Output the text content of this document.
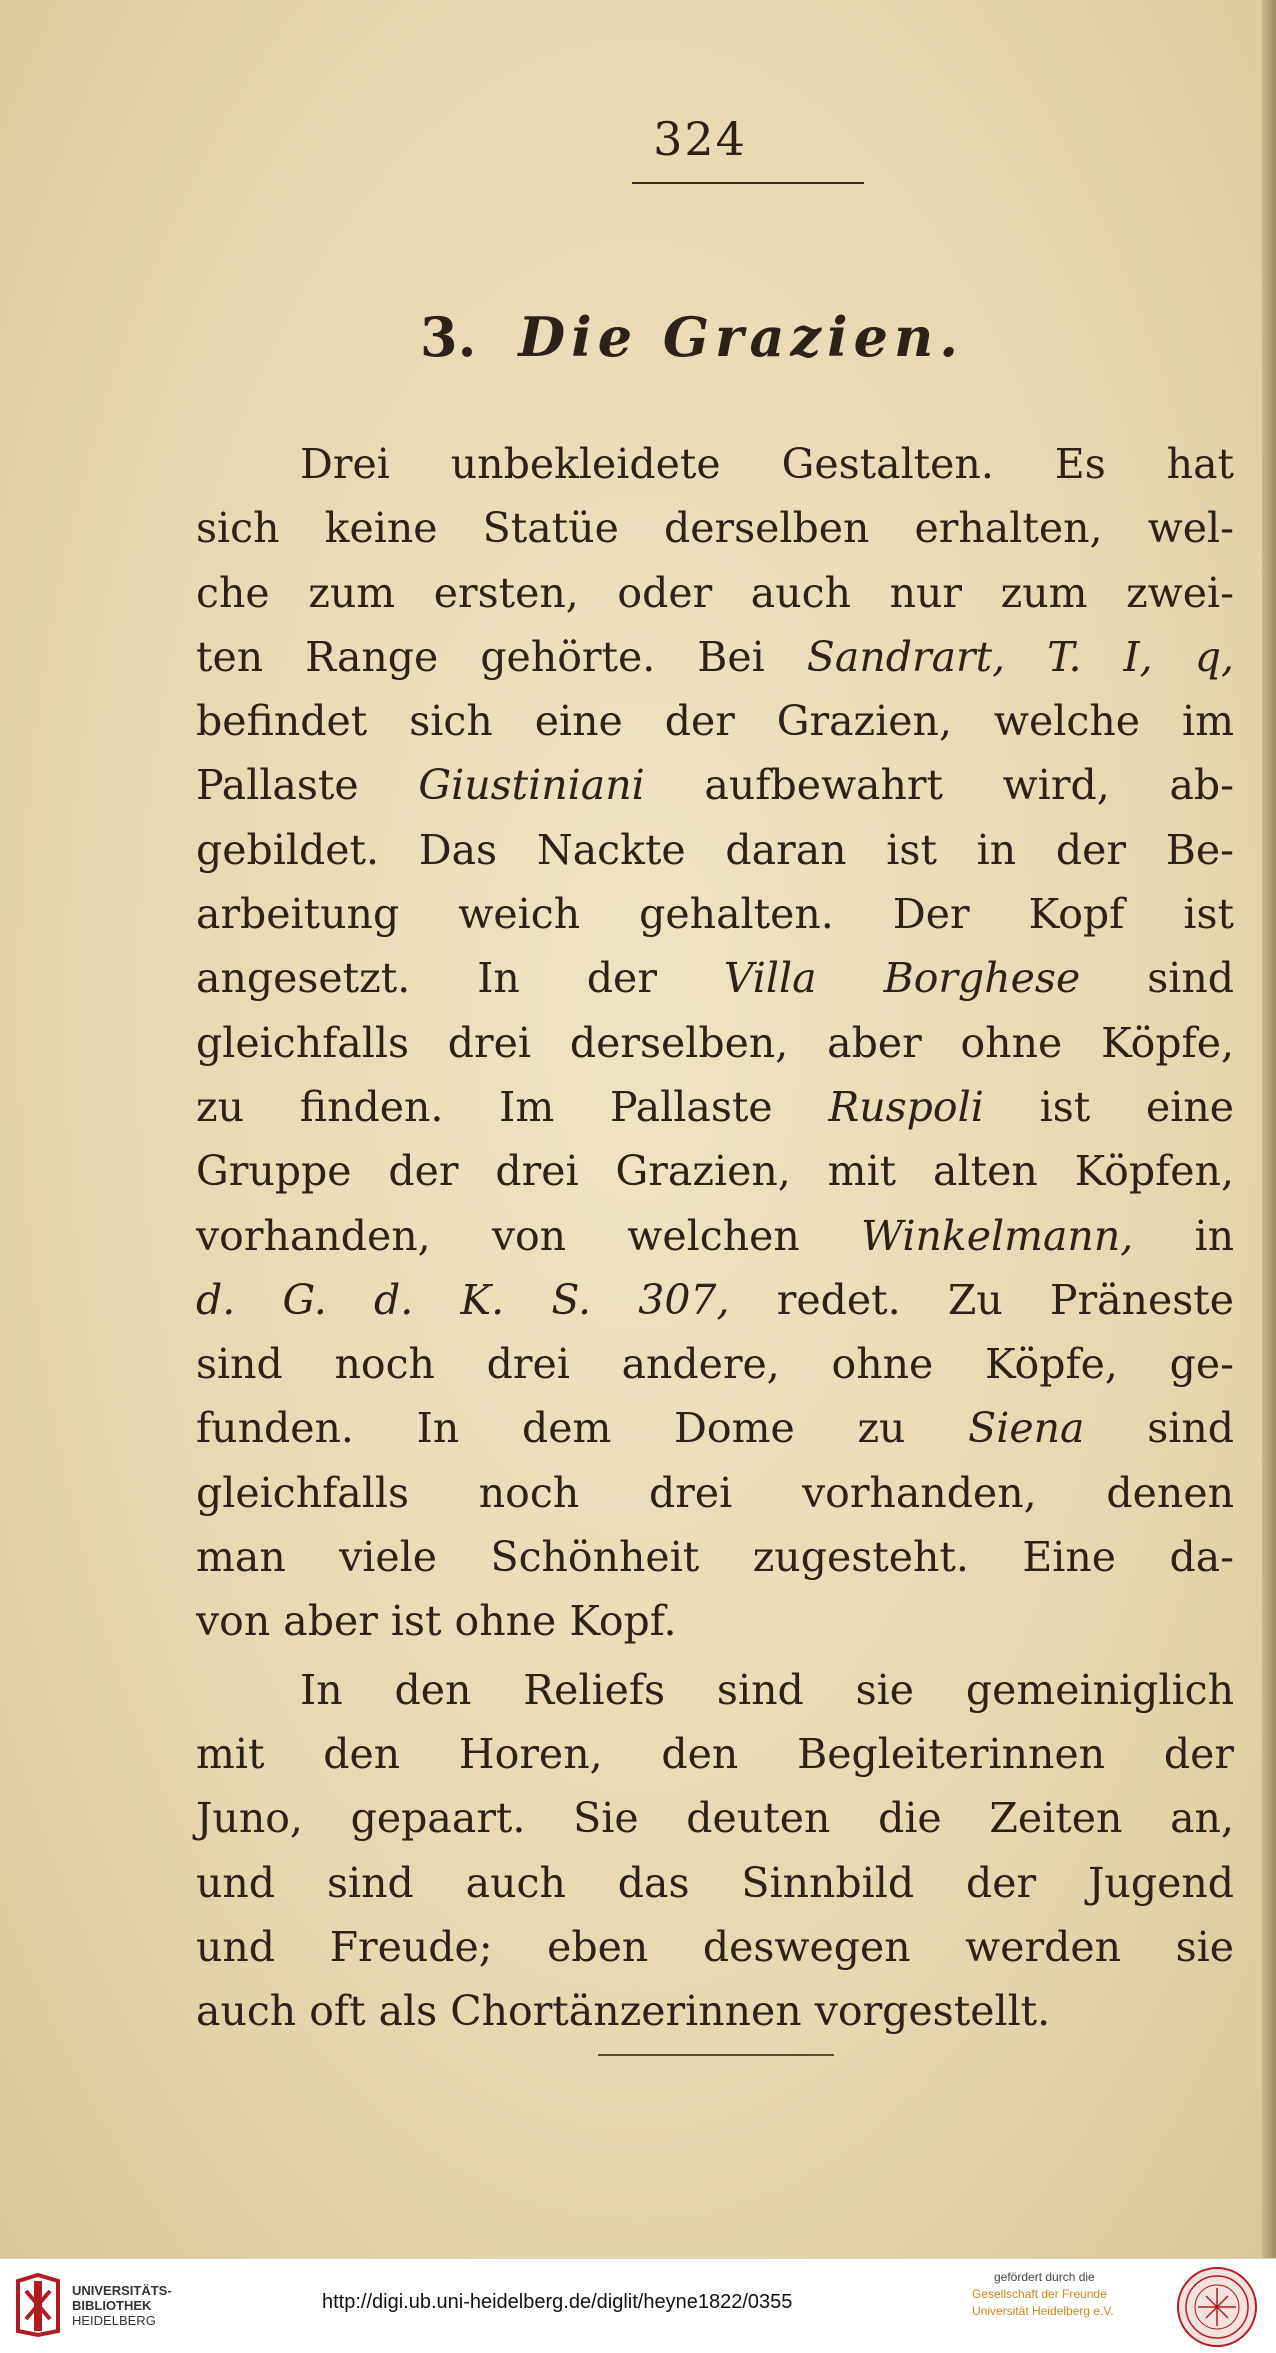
324
3. Die Grazien.
Drei unbekleidete Gestalten. Es hat
sich keine Statüe derselben erhalten, wel-
che zum ersten, oder auch nur zum zwei-
ten Range gehörte. Bei Sandrart, T. I, q,
befindet sich eine der Grazien, welche im
Pallaste Giustiniani aufbewahrt wird, ab-
gebildet. Das Nackte daran ist in der Be-
arbeitung weich gehalten. Der Kopf ist
angesetzt. In der Villa Borghese sind
gleichfalls drei derselben, aber ohne Köpfe,
zu finden. Im Pallaste Ruspoli ist eine
Gruppe der drei Grazien, mit alten Köpfen,
vorhanden, von welchen Winkelmann, in
d. G. d. K. S. 307, redet. Zu Präneste
sind noch drei andere, ohne Köpfe, ge-
funden. In dem Dome zu Siena sind
gleichfalls noch drei vorhanden, denen
man viele Schönheit zugesteht. Eine da-
von aber ist ohne Kopf.
In den Reliefs sind sie gemeiniglich
mit den Horen, den Begleiterinnen der
Juno, gepaart. Sie deuten die Zeiten an,
und sind auch das Sinnbild der Jugend
und Freude; eben deswegen werden sie
auch oft als Chortänzerinnen vorgestellt.
UNIVERSITÄTS-
BIBLIOTHEK
HEIDELBERG
http://digi.ub.uni-heidelberg.de/diglit/heyne1822/0355
gefördert durch die
Gesellschaft der Freunde
Universität Heidelberg e.V.
